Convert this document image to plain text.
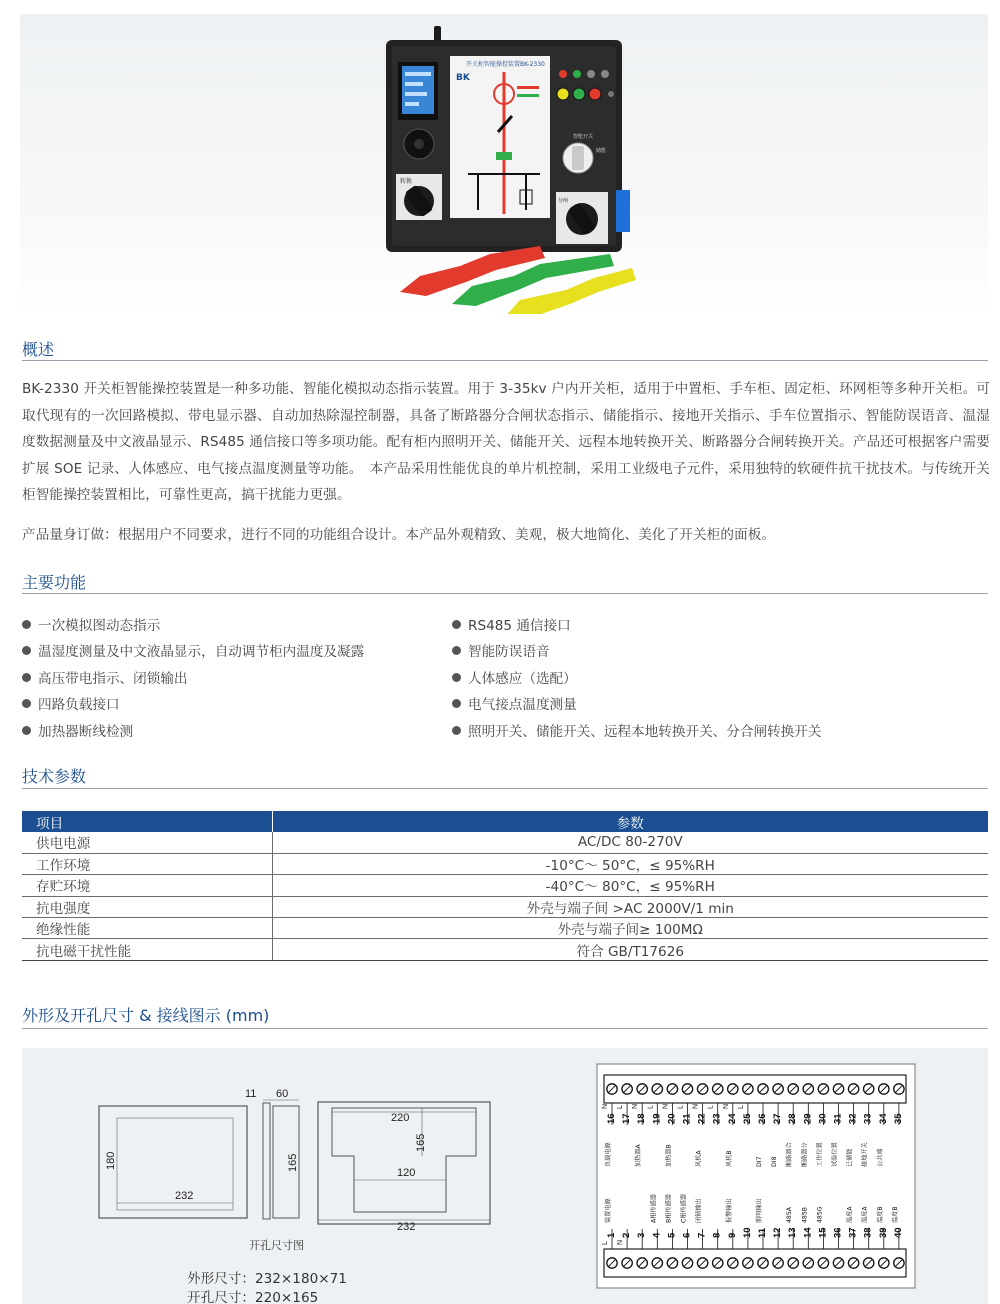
转换
开关柜智能操控装置BK-2330
BK
智能开关
储能
分闸
概述

BK-2330 开关柜智能操控装置是一种多功能、智能化模拟动态指示装置。用于 3-35kv 户内开关柜，适用于中置柜、手车柜、固定柜、环网柜等多种开关柜。可取代现有的一次回路模拟、带电显示器、自动加热除湿控制器，具备了断路器分合闸状态指示、储能指示、接地开关指示、手车位置指示、智能防误语音、温湿度数据测量及中文液晶显示、RS485 通信接口等多项功能。配有柜内照明开关、储能开关、远程本地转换开关、断路器分合闸转换开关。产品还可根据客户需要扩展 SOE 记录、人体感应、电气接点温度测量等功能。　本产品采用性能优良的单片机控制，采用工业级电子元件，采用独特的软硬件抗干扰技术。与传统开关柜智能操控装置相比，可靠性更高，搞干扰能力更强。

产品量身订做：根据用户不同要求，进行不同的功能组合设计。本产品外观精致、美观，极大地简化、美化了开关柜的面板。

主要功能
一次模拟图动态指示
温湿度测量及中文液晶显示，自动调节柜内温度及凝露
高压带电指示、闭锁输出
四路负载接口
加热器断线检测
RS485 通信接口
智能防误语音
人体感应（选配）
电气接点温度测量
照明开关、储能开关、远程本地转换开关、分合闸转换开关
技术参数
项目	参数
供电电源	AC/DC 80-270V
工作环境	-10°C～ 50°C，≤ 95%RH
存贮环境	-40°C～ 80°C，≤ 95%RH
抗电强度	外壳与端子间 >AC 2000V/1 min
绝缘性能	外壳与端子间≥ 100MΩ
抗电磁干扰性能	符合 GB/T17626
外形及开孔尺寸 & 接线图示 (mm)
180
232
11 60
165
220
165
120
232
16
N
负载电源
17
L
18
N
加热器A
19
L
20
N
加热器B
21
L
22
N
风机A
23
L
24
N
风机B
25
L
26
DI7
27
DI8
28
断路器合
29
断路器分
30
工作位置
31
试验位置
32
已储能
33
接地开关
34
公共端
35
1
L
装置电源
2
N
3 4
A相传感器
5
B相传感器
6
C相传感器
7
闭锁输出
8 9
报警输出
10 11
照明输出
12 13
485A
14
485B
15
485G
36 37
温度A
38
温度A
39
温度B
40
温度B
开孔尺寸图
外形尺寸：232×180×71
开孔尺寸：220×165
